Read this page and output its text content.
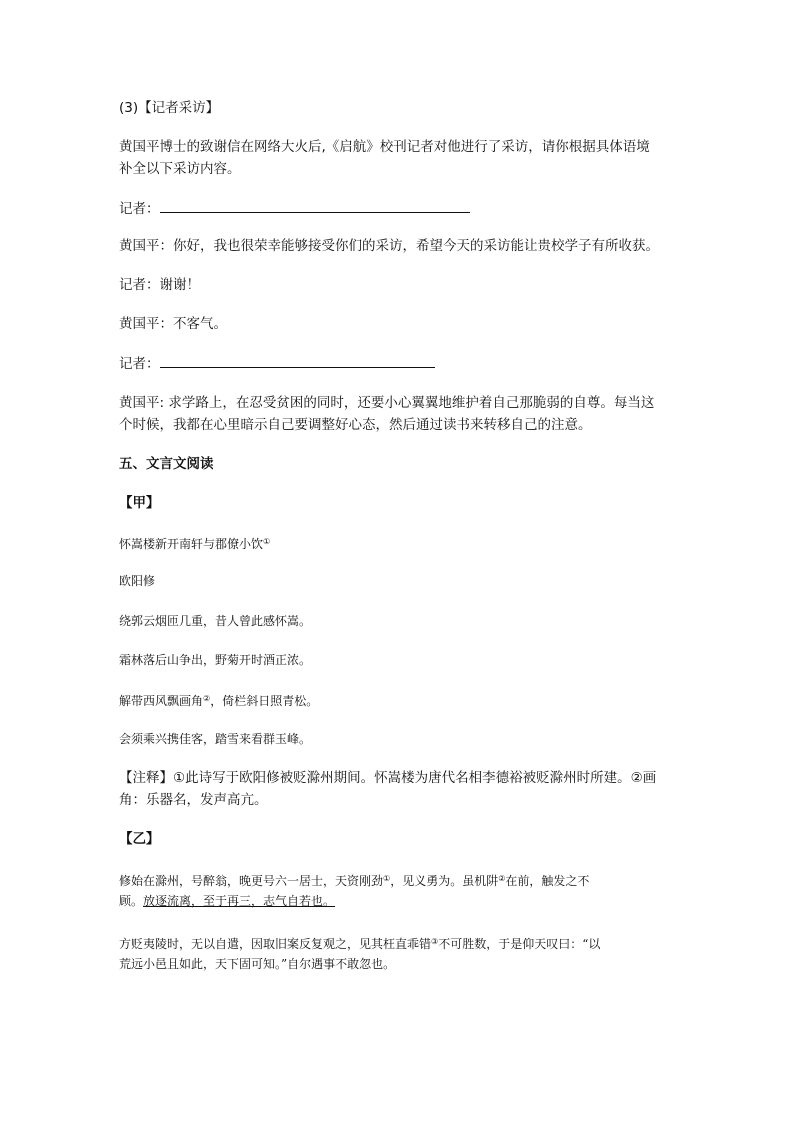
(3)【记者采访】
黄国平博士的致谢信在网络大火后,《启航》校刊记者对他进行了采访，请你根据具体语境
补全以下采访内容。
记者：
黄国平：你好，我也很荣幸能够接受你们的采访，希望今天的采访能让贵校学子有所收获。
记者：谢谢！
黄国平：不客气。
记者：
黄国平: 求学路上，在忍受贫困的同时，还要小心翼翼地维护着自己那脆弱的自尊。每当这
个时候，我都在心里暗示自己要调整好心态，然后通过读书来转移自己的注意。
五、文言文阅读
【甲】
怀嵩楼新开南轩与郡僚小饮①
欧阳修
绕郭云烟匝几重，昔人曾此感怀嵩。
霜林落后山争出，野菊开时酒正浓。
解带西风飘画角②，倚栏斜日照青松。
会须乘兴携佳客，踏雪来看群玉峰。
【注释】①此诗写于欧阳修被贬滁州期间。怀嵩楼为唐代名相李德裕被贬滁州时所建。②画
角：乐器名，发声高亢。
【乙】
修始在滁州，号醉翁，晚更号六一居士，天资刚劲①，见义勇为。虽机阱②在前，触发之不
顾。放逐流离，至于再三，志气自若也。
方贬夷陵时，无以自遣，因取旧案反复观之，见其枉直乖错③不可胜数，于是仰天叹曰：“以
荒远小邑且如此，天下固可知。”自尔遇事不敢忽也。
